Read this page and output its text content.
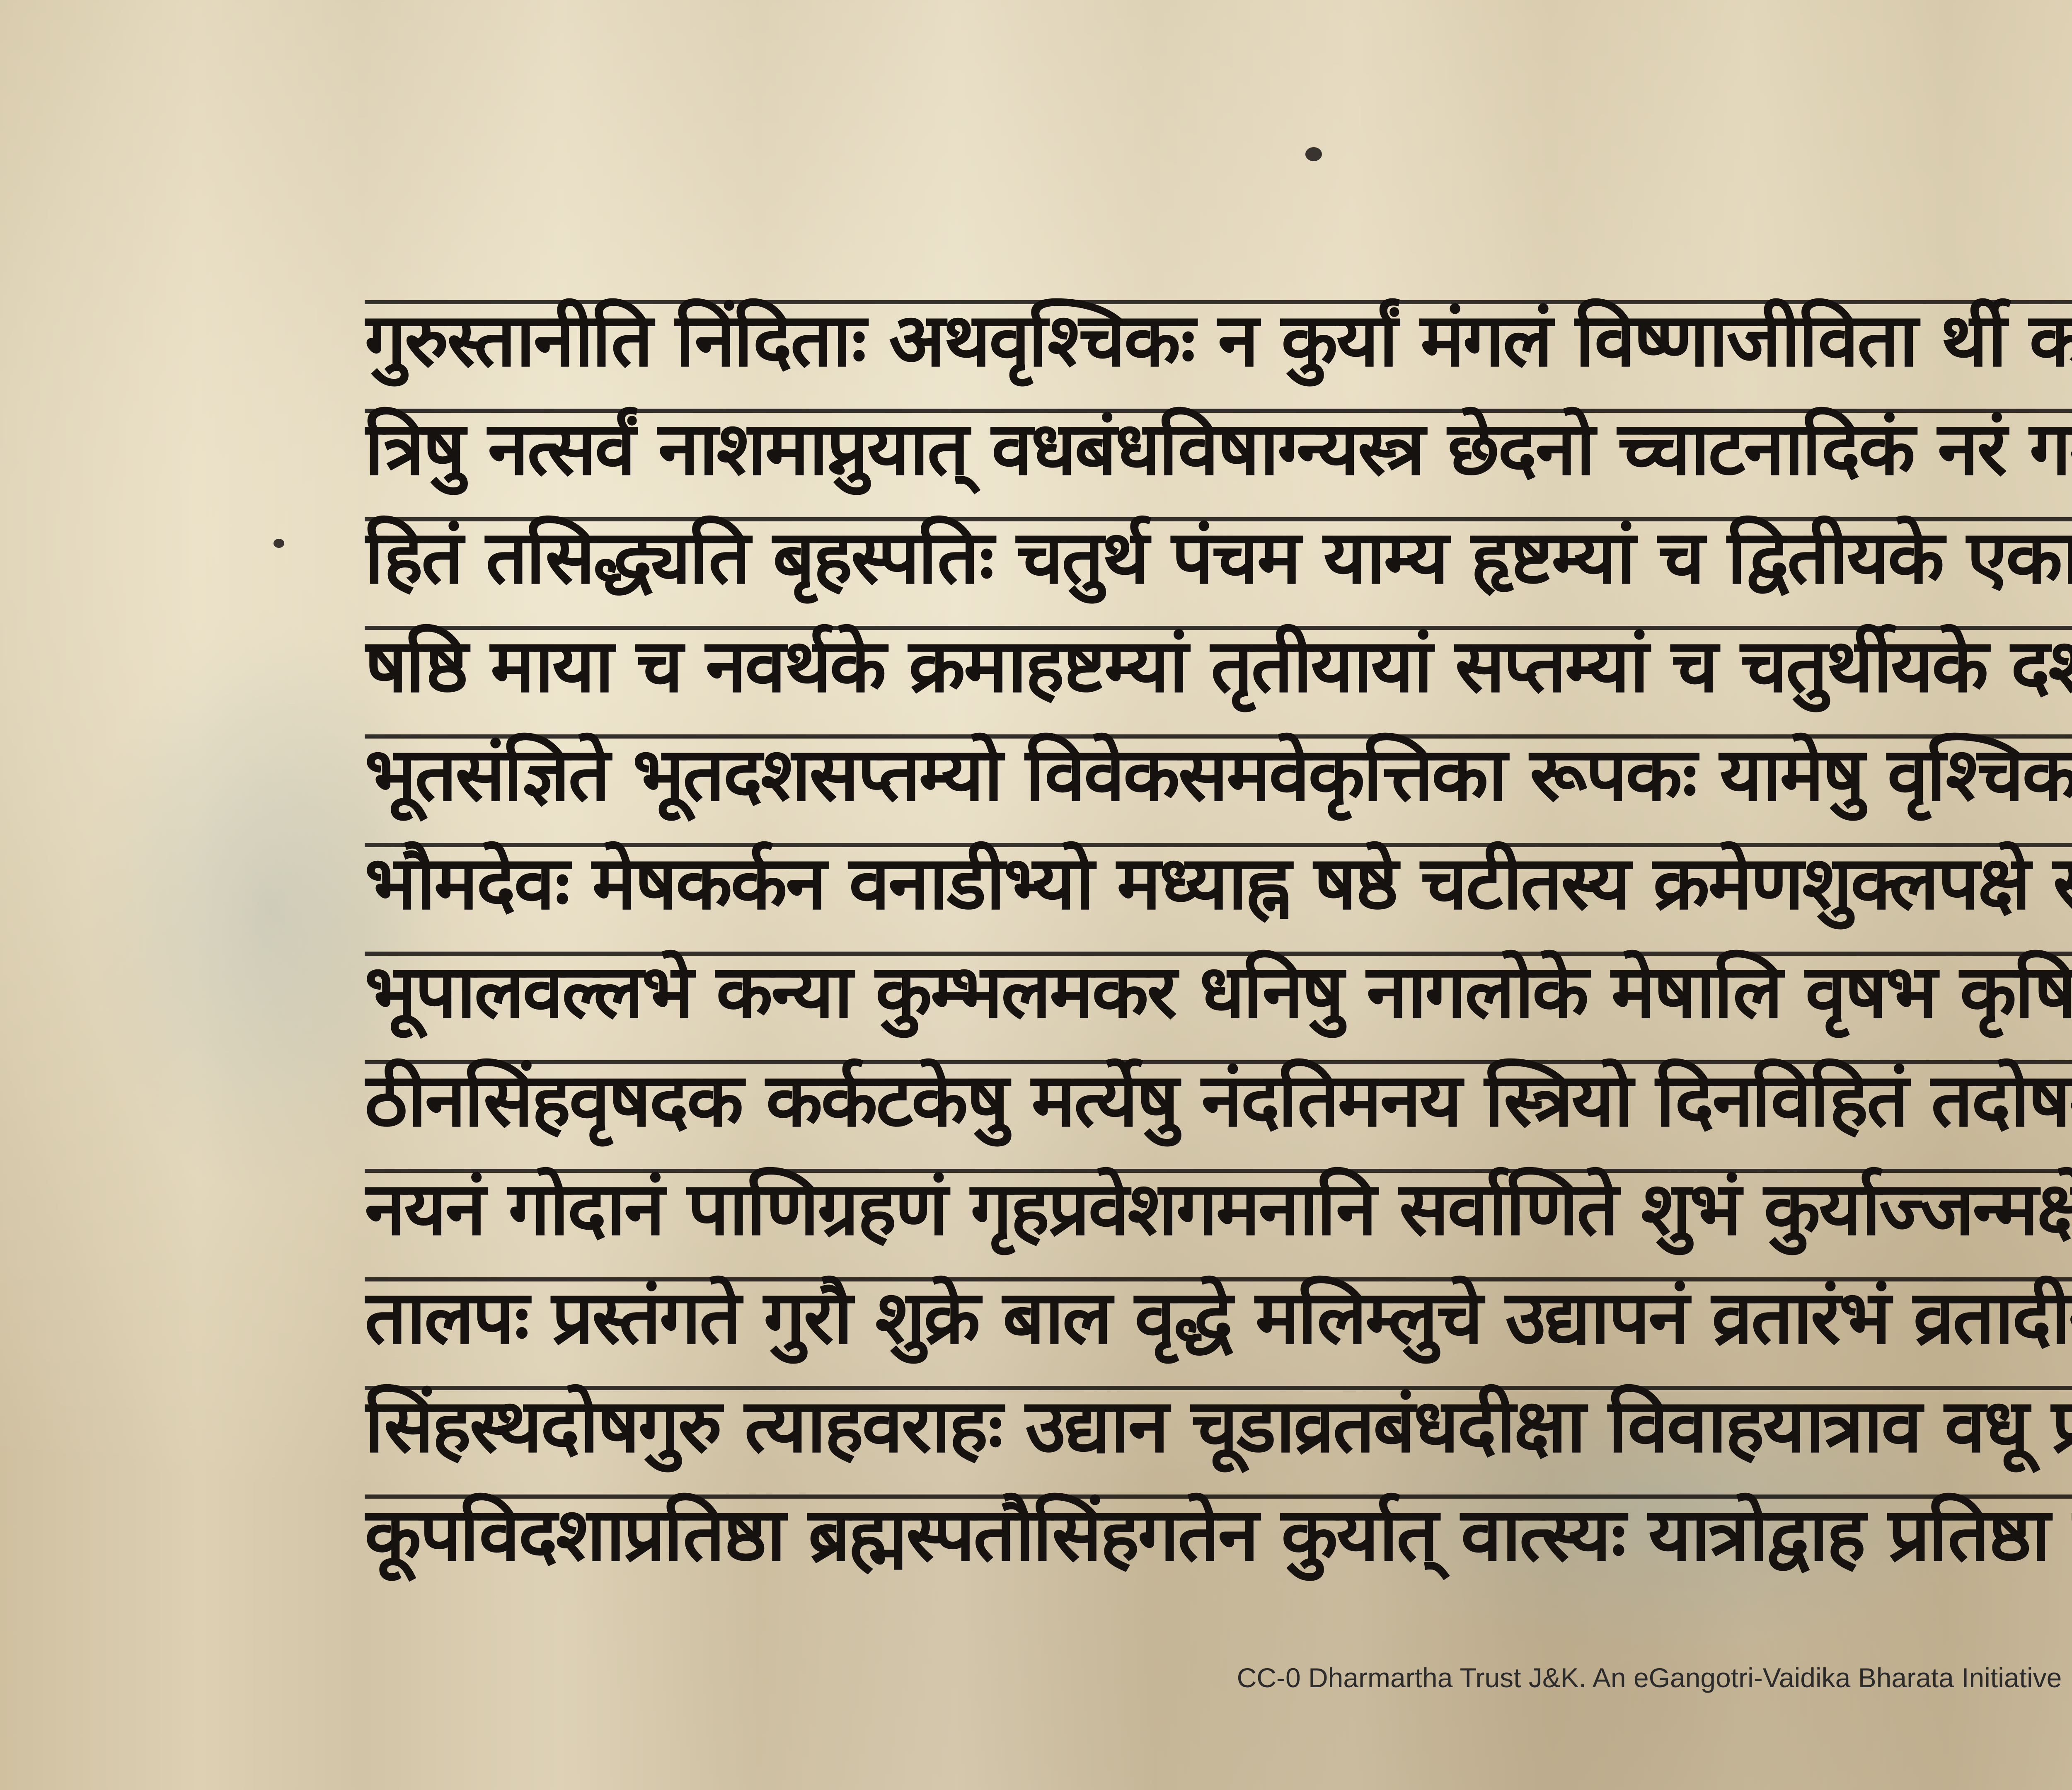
गुरुस्तानीति निंदिताः अथवृश्चिकः न कुर्यां मंगलं विष्णाजीविता र्थी क
त्रिषु नत्सर्वं नाशमाप्नुयात् वधबंधविषाग्न्यस्त्र छेदनो च्चाटनादिकं नरं ग
हितं तसिद्ध्यति बृहस्पतिः चतुर्थ पंचम याम्य हृष्टम्यां च द्वितीयके एका
षष्ठि माया च नवर्थके क्रमाहष्टम्यां तृतीयायां सप्तम्यां च चतुर्थीयके द
भूतसंज्ञिते भूतदशसप्तम्यो विवेकसमवेकृत्तिका रूपकः यामेषु वृश्चिका
भौमदेवः मेषकर्कन वनाडीभ्यो मध्याह्न षष्ठे चटीतस्य क्रमेणशुक्लपक्षे
भूपालवल्लभे कन्या कुम्भलमकर धनिषु नागलोके मेषालि वृषभ कृषि
ठीनसिंहवृषदक कर्कटकेषु मर्त्येषु नंदतिमनय स्त्रियो दिनविहितं तदोष
नयनं गोदानं पाणिग्रहणं गृहप्रवेशगमनानि सर्वाणिते शुभं कुर्याज्जन्मर्क्षे
तालपः प्रस्तंगते गुरौ शुक्रे बाल वृद्धे मलिम्लुचे उद्यापनं व्रतारंभं व्रतादी
सिंहस्थदोषगुरु त्याहवराहः उद्यान चूडाव्रतबंधदीक्षा विवाहयात्राव वधू
कूपविदशाप्रतिष्ठा ब्रह्मस्पतौसिंहगतेन कुर्यात् वात्स्यः यात्रोद्वाह प्रतिष्ठा
CC-0 Dharmartha Trust J&K. An eGangotri-Vaidika Bharata Initiative
